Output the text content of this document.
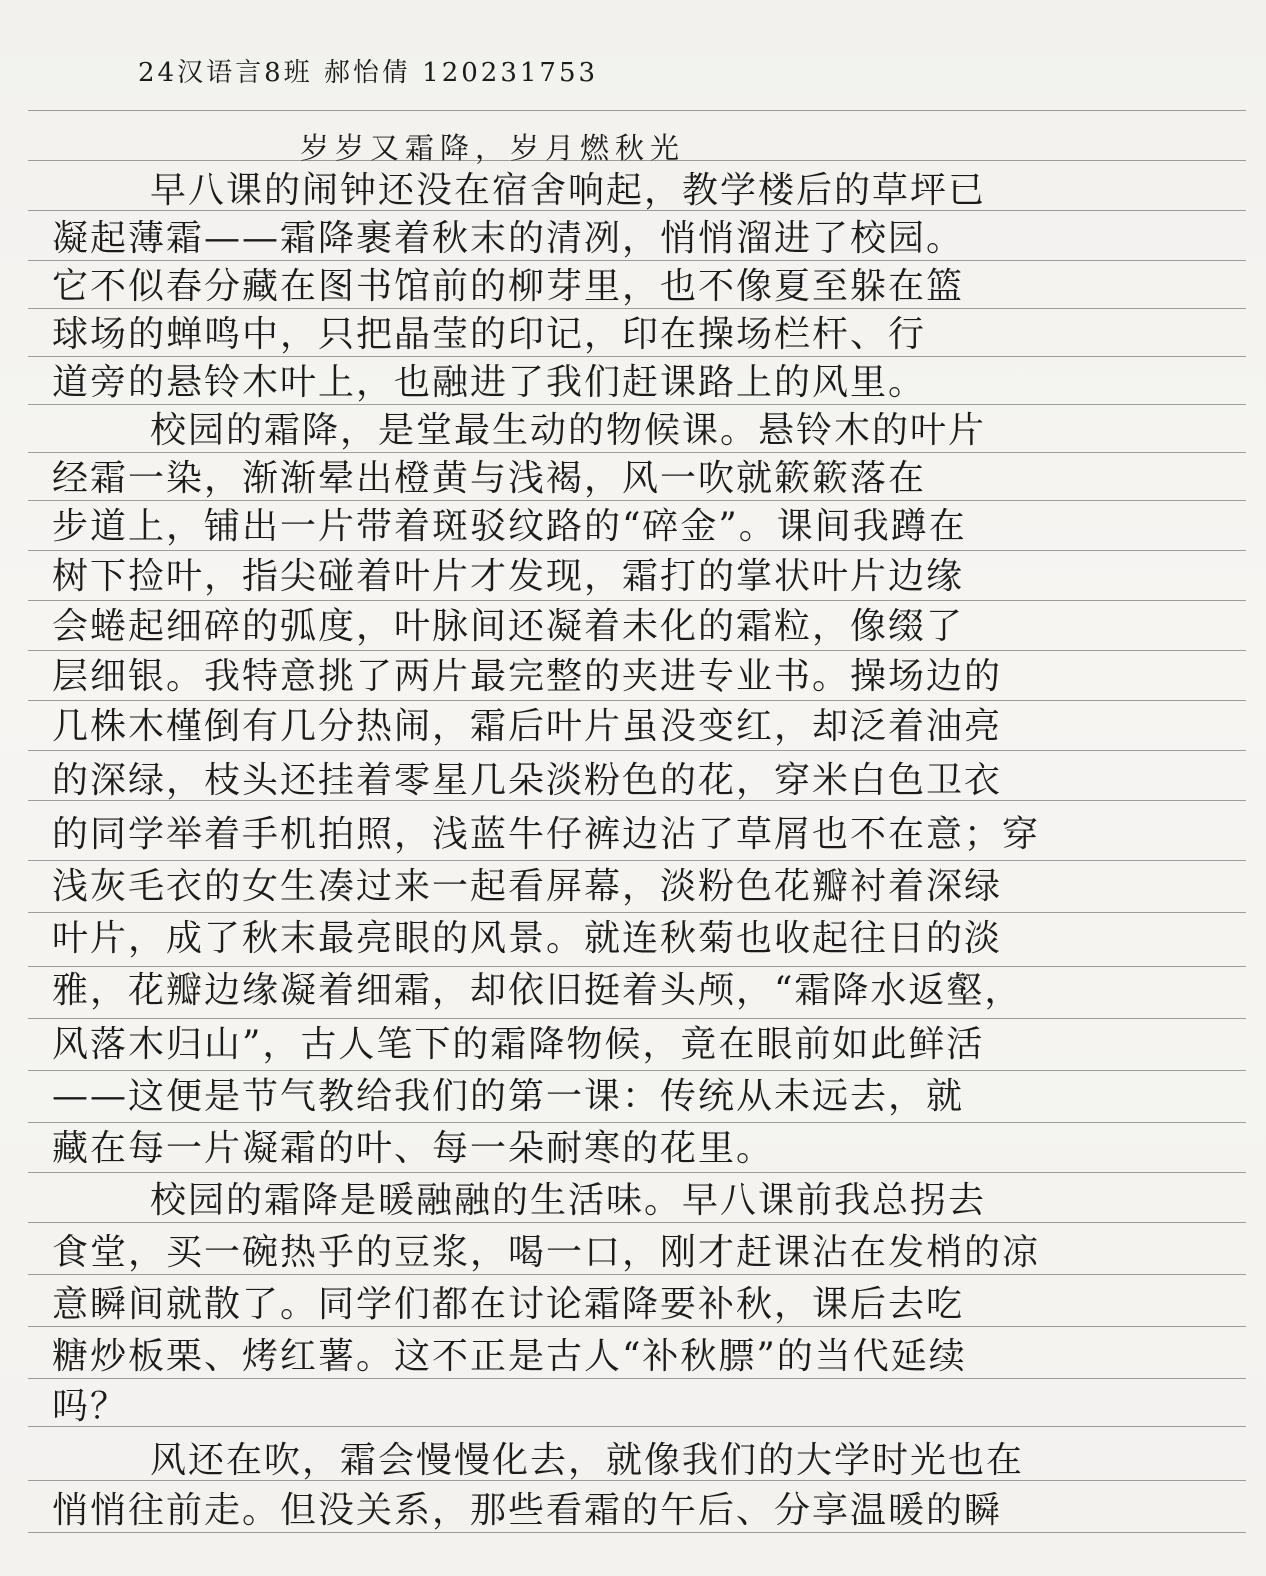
24汉语言8班 郝怡倩 120231753
岁岁又霜降，岁月燃秋光
早八课的闹钟还没在宿舍响起，教学楼后的草坪已
凝起薄霜——霜降裹着秋末的清冽，悄悄溜进了校园。
它不似春分藏在图书馆前的柳芽里，也不像夏至躲在篮
球场的蝉鸣中，只把晶莹的印记，印在操场栏杆、行
道旁的悬铃木叶上，也融进了我们赶课路上的风里。
校园的霜降，是堂最生动的物候课。悬铃木的叶片
经霜一染，渐渐晕出橙黄与浅褐，风一吹就簌簌落在
步道上，铺出一片带着斑驳纹路的“碎金”。课间我蹲在
树下捡叶，指尖碰着叶片才发现，霜打的掌状叶片边缘
会蜷起细碎的弧度，叶脉间还凝着未化的霜粒，像缀了
层细银。我特意挑了两片最完整的夹进专业书。操场边的
几株木槿倒有几分热闹，霜后叶片虽没变红，却泛着油亮
的深绿，枝头还挂着零星几朵淡粉色的花，穿米白色卫衣
的同学举着手机拍照，浅蓝牛仔裤边沾了草屑也不在意；穿
浅灰毛衣的女生凑过来一起看屏幕，淡粉色花瓣衬着深绿
叶片，成了秋末最亮眼的风景。就连秋菊也收起往日的淡
雅，花瓣边缘凝着细霜，却依旧挺着头颅，“霜降水返壑，
风落木归山”，古人笔下的霜降物候，竟在眼前如此鲜活
——这便是节气教给我们的第一课：传统从未远去，就
藏在每一片凝霜的叶、每一朵耐寒的花里。
校园的霜降是暖融融的生活味。早八课前我总拐去
食堂，买一碗热乎的豆浆，喝一口，刚才赶课沾在发梢的凉
意瞬间就散了。同学们都在讨论霜降要补秋，课后去吃
糖炒板栗、烤红薯。这不正是古人“补秋膘”的当代延续
吗？
风还在吹，霜会慢慢化去，就像我们的大学时光也在
悄悄往前走。但没关系，那些看霜的午后、分享温暖的瞬
